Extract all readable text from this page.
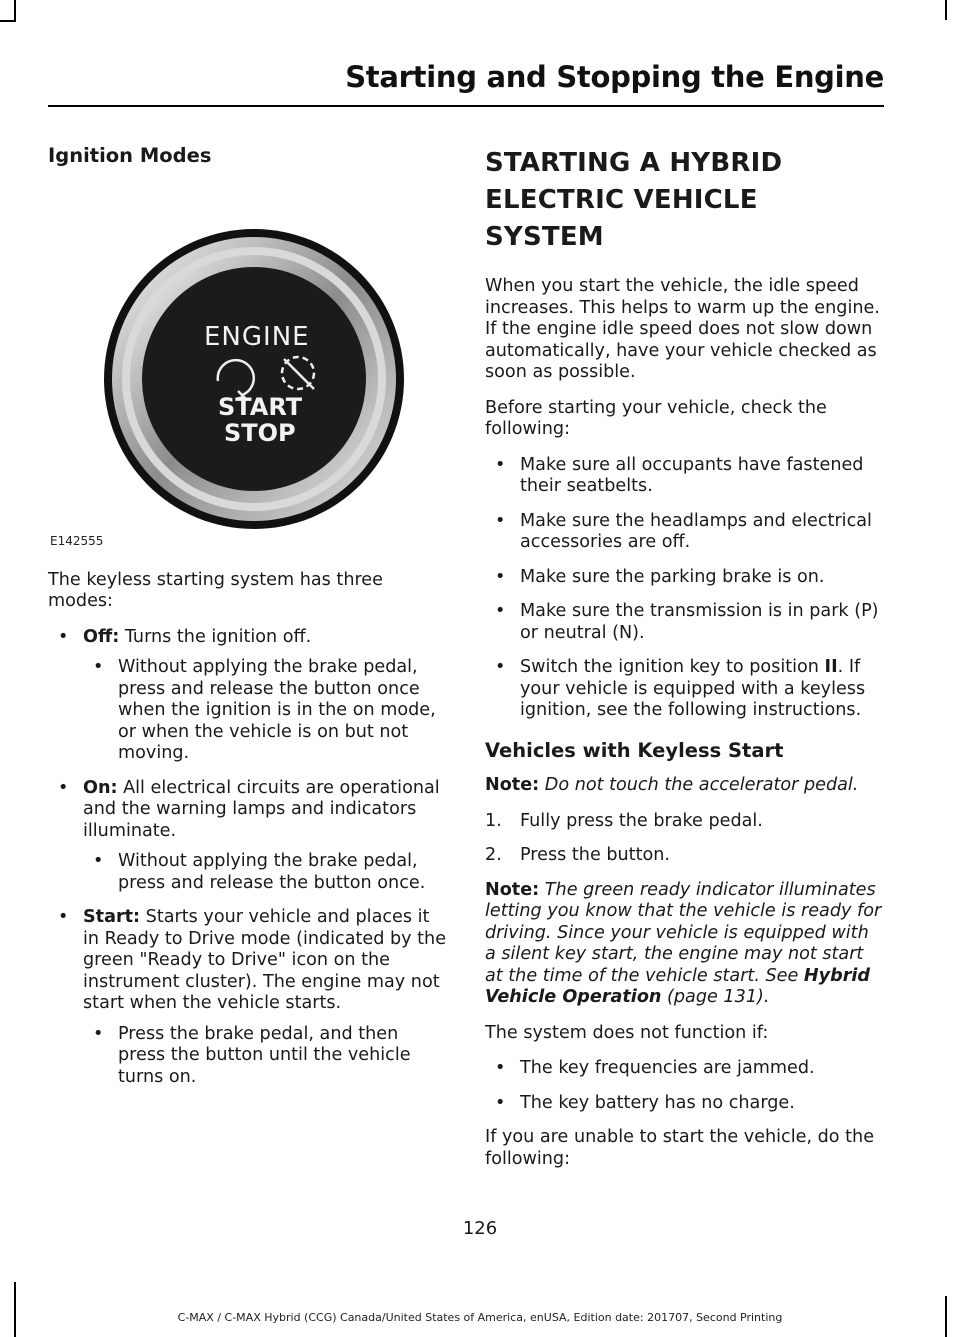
Starting and Stopping the Engine
Ignition Modes
ENGINE
START
STOP
E142555

The keyless starting system has three modes:

• Off: Turns the ignition off.
• Without applying the brake pedal, press and release the button once when the ignition is in the on mode, or when the vehicle is on but not moving.
• On: All electrical circuits are operational and the warning lamps and indicators illuminate.
• Without applying the brake pedal, press and release the button once.
• Start: Starts your vehicle and places it in Ready to Drive mode (indicated by the green "Ready to Drive" icon on the instrument cluster). The engine may not start when the vehicle starts.
• Press the brake pedal, and then press the button until the vehicle turns on.
STARTING A HYBRID
ELECTRIC VEHICLE SYSTEM

When you start the vehicle, the idle speed increases. This helps to warm up the engine. If the engine idle speed does not slow down automatically, have your vehicle checked as soon as possible.

Before starting your vehicle, check the following:

• Make sure all occupants have fastened their seatbelts.
• Make sure the headlamps and electrical accessories are off.
• Make sure the parking brake is on.
• Make sure the transmission is in park (P) or neutral (N).
• Switch the ignition key to position II. If your vehicle is equipped with a keyless ignition, see the following instructions.
Vehicles with Keyless Start

Note: Do not touch the accelerator pedal.

1. Fully press the brake pedal.
2. Press the button.

Note: The green ready indicator illuminates letting you know that the vehicle is ready for driving. Since your vehicle is equipped with a silent key start, the engine may not start at the time of the vehicle start. See Hybrid Vehicle Operation (page 131).

The system does not function if:

• The key frequencies are jammed.
• The key battery has no charge.

If you are unable to start the vehicle, do the following:

126
C-MAX / C-MAX Hybrid (CCG) Canada/United States of America, enUSA, Edition date: 201707, Second Printing
